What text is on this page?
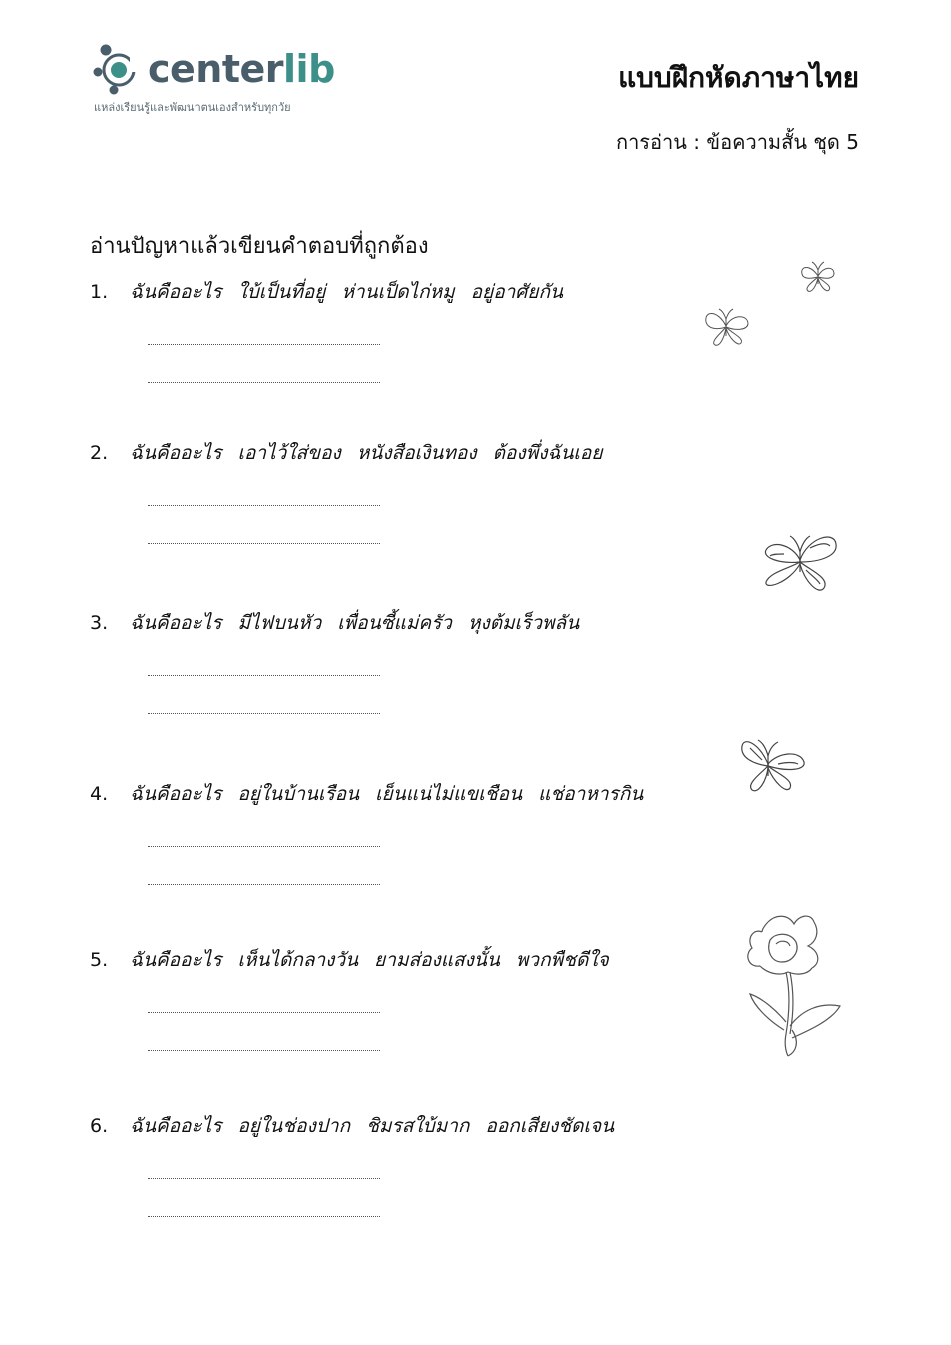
centerlib
แหล่งเรียนรู้และพัฒนาตนเองสำหรับทุกวัย
แบบฝึกหัดภาษาไทย
การอ่าน : ข้อความสั้น ชุด 5
อ่านปัญหาแล้วเขียนคำตอบที่ถูกต้อง
1. ฉันคืออะไร ใบ้เป็นที่อยู่ ห่านเป็ดไก่หมู อยู่อาศัยกัน
2. ฉันคืออะไร เอาไว้ใส่ของ หนังสือเงินทอง ต้องพึ่งฉันเอย
3. ฉันคืออะไร มีไฟบนหัว เพื่อนซี้แม่ครัว หุงต้มเร็วพลัน
4. ฉันคืออะไร อยู่ในบ้านเรือน เย็นแน่ไม่แขเชือน แช่อาหารกิน
5. ฉันคืออะไร เห็นได้กลางวัน ยามส่องแสงนั้น พวกพืชดีใจ
6. ฉันคืออะไร อยู่ในช่องปาก ชิมรสใบ้มาก ออกเสียงชัดเจน
